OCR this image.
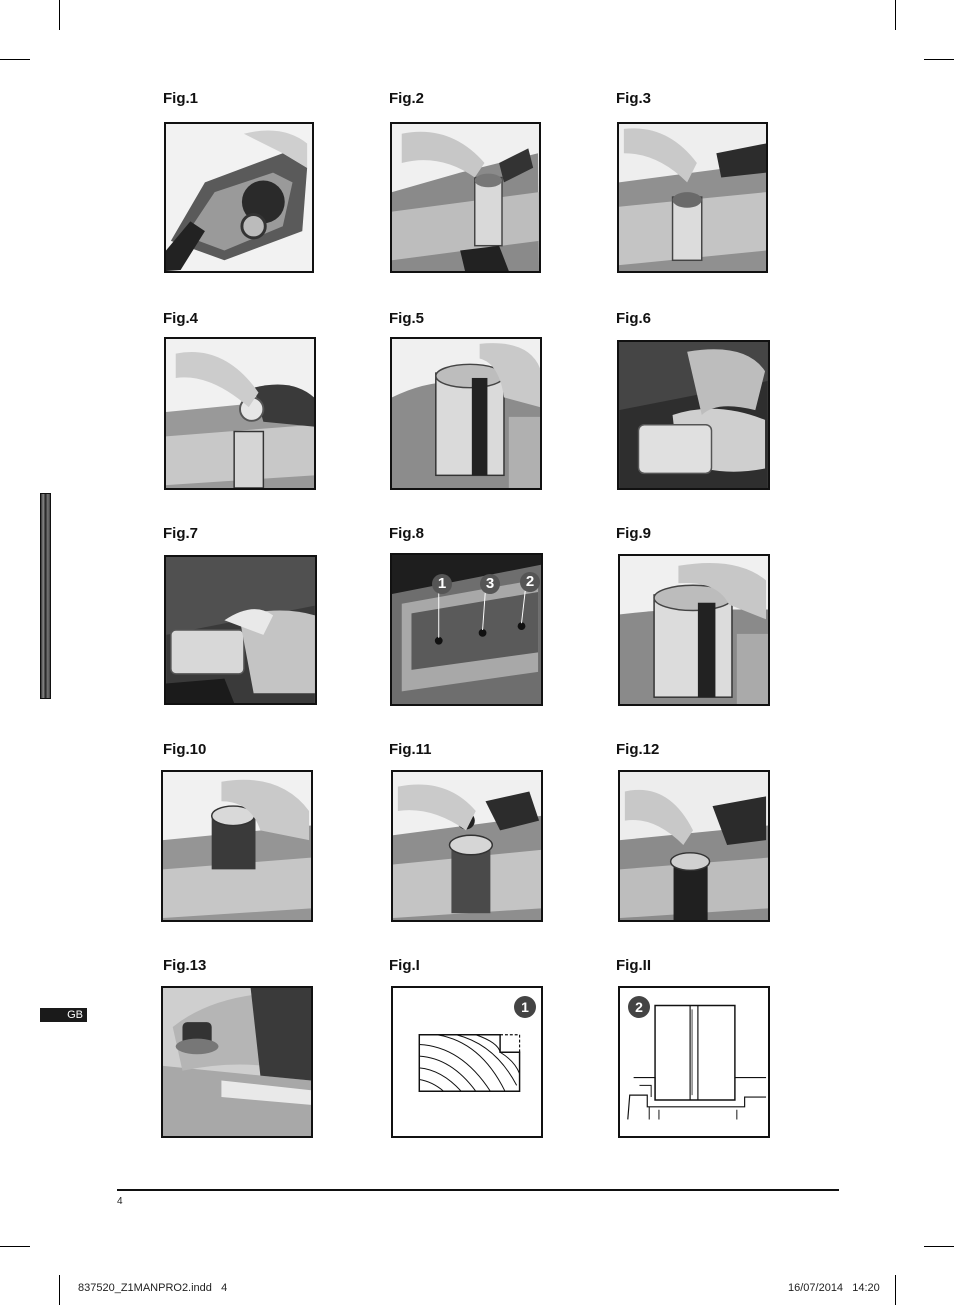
GB
Fig.1	Fig.2	Fig.3
Fig.4	Fig.5	Fig.6
Fig.7	Fig.8
1	3	2
Fig.9
Fig.10	Fig.11	Fig.12
Fig.13	Fig.I
1
Fig.II
2
4
837520_Z1MANPRO2.indd   4	16/07/2014   14:20
